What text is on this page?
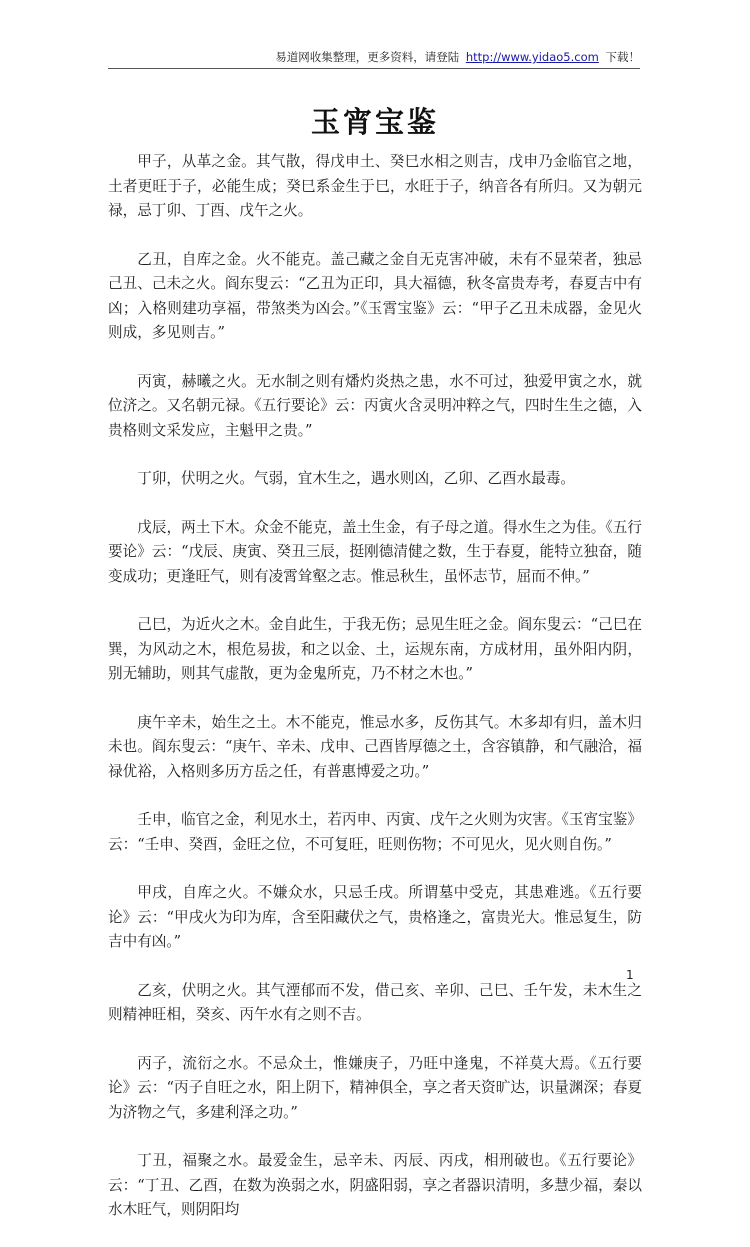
易道网收集整理，更多资料，请登陆 http://www.yidao5.com 下载！
玉宵宝鉴

甲子，从革之金。其气散，得戊申土、癸巳水相之则吉，戊申乃金临官之地，土者更旺于子，必能生成；癸巳系金生于巳，水旺于子，纳音各有所归。又为朝元禄，忌丁卯、丁酉、戊午之火。

乙丑，自库之金。火不能克。盖己藏之金自无克害冲破，未有不显荣者，独忌己丑、己未之火。阎东叟云：“乙丑为正印，具大福德，秋冬富贵寿考，春夏吉中有凶；入格则建功享福，带煞类为凶会。”《玉霄宝鉴》云：“甲子乙丑未成器，金见火则成，多见则吉。”

丙寅，赫曦之火。无水制之则有燔灼炎热之患，水不可过，独爱甲寅之水，就位济之。又名朝元禄。《五行要论》云：丙寅火含灵明冲粹之气，四时生生之德，入贵格则文采发应，主魁甲之贵。”

丁卯，伏明之火。气弱，宜木生之，遇水则凶，乙卯、乙酉水最毒。

戊辰，两土下木。众金不能克，盖土生金，有子母之道。得水生之为佳。《五行要论》云：“戊辰、庚寅、癸丑三辰，挺刚德清健之数，生于春夏，能特立独奋，随变成功；更逢旺气，则有凌霄耸壑之志。惟忌秋生，虽怀志节，屈而不伸。”

己巳，为近火之木。金自此生，于我无伤；忌见生旺之金。阎东叟云：“己巳在巽，为风动之木，根危易拔，和之以金、土，运规东南，方成材用，虽外阳内阴，别无辅助，则其气虚散，更为金鬼所克，乃不材之木也。”

庚午辛未，始生之土。木不能克，惟忌水多，反伤其气。木多却有归，盖木归未也。阎东叟云：“庚午、辛未、戊申、己酉皆厚德之土，含容镇静，和气融洽，福禄优裕，入格则多历方岳之任，有普惠博爱之功。”

壬申，临官之金，利见水土，若丙申、丙寅、戊午之火则为灾害。《玉宵宝鉴》云：“壬申、癸酉，金旺之位，不可复旺，旺则伤物；不可见火，见火则自伤。”

甲戌，自库之火。不嫌众水，只忌壬戌。所谓墓中受克，其患难逃。《五行要论》云：“甲戌火为印为库，含至阳藏伏之气，贵格逢之，富贵光大。惟忌复生，防吉中有凶。”

乙亥，伏明之火。其气湮郁而不发，借己亥、辛卯、己巳、壬午发，未木生之则精神旺相，癸亥、丙午水有之则不吉。

丙子，流衍之水。不忌众土，惟嫌庚子，乃旺中逢鬼，不祥莫大焉。《五行要论》云：“丙子自旺之水，阳上阴下，精神俱全，享之者天资旷达，识量渊深；春夏为济物之气，多建利泽之功。”

丁丑，福聚之水。最爱金生，忌辛未、丙辰、丙戌，相刑破也。《五行要论》云：“丁丑、乙酉，在数为涣弱之水，阴盛阳弱，享之者器识清明，多慧少福，秦以水木旺气，则阴阳均

1
